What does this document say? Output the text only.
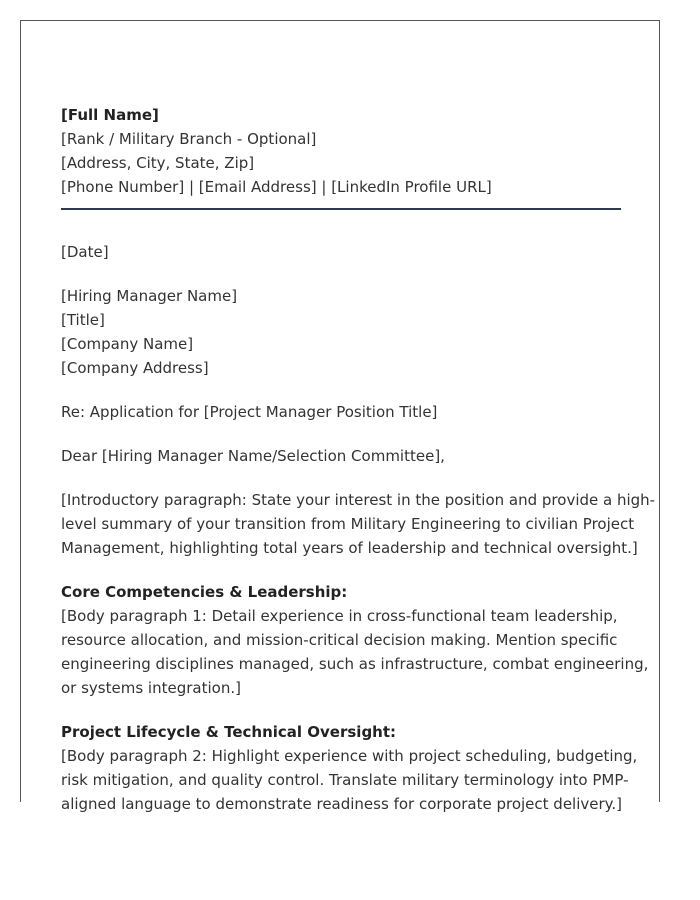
[Full Name]
[Rank / Military Branch - Optional]
[Address, City, State, Zip]
[Phone Number] | [Email Address] | [LinkedIn Profile URL]
[Date]
[Hiring Manager Name]
[Title]
[Company Name]
[Company Address]
Re: Application for [Project Manager Position Title]
Dear [Hiring Manager Name/Selection Committee],
[Introductory paragraph: State your interest in the position and provide a high-
level summary of your transition from Military Engineering to civilian Project
Management, highlighting total years of leadership and technical oversight.]
Core Competencies & Leadership:
[Body paragraph 1: Detail experience in cross-functional team leadership,
resource allocation, and mission-critical decision making. Mention specific
engineering disciplines managed, such as infrastructure, combat engineering,
or systems integration.]
Project Lifecycle & Technical Oversight:
[Body paragraph 2: Highlight experience with project scheduling, budgeting,
risk mitigation, and quality control. Translate military terminology into PMP-
aligned language to demonstrate readiness for corporate project delivery.]
